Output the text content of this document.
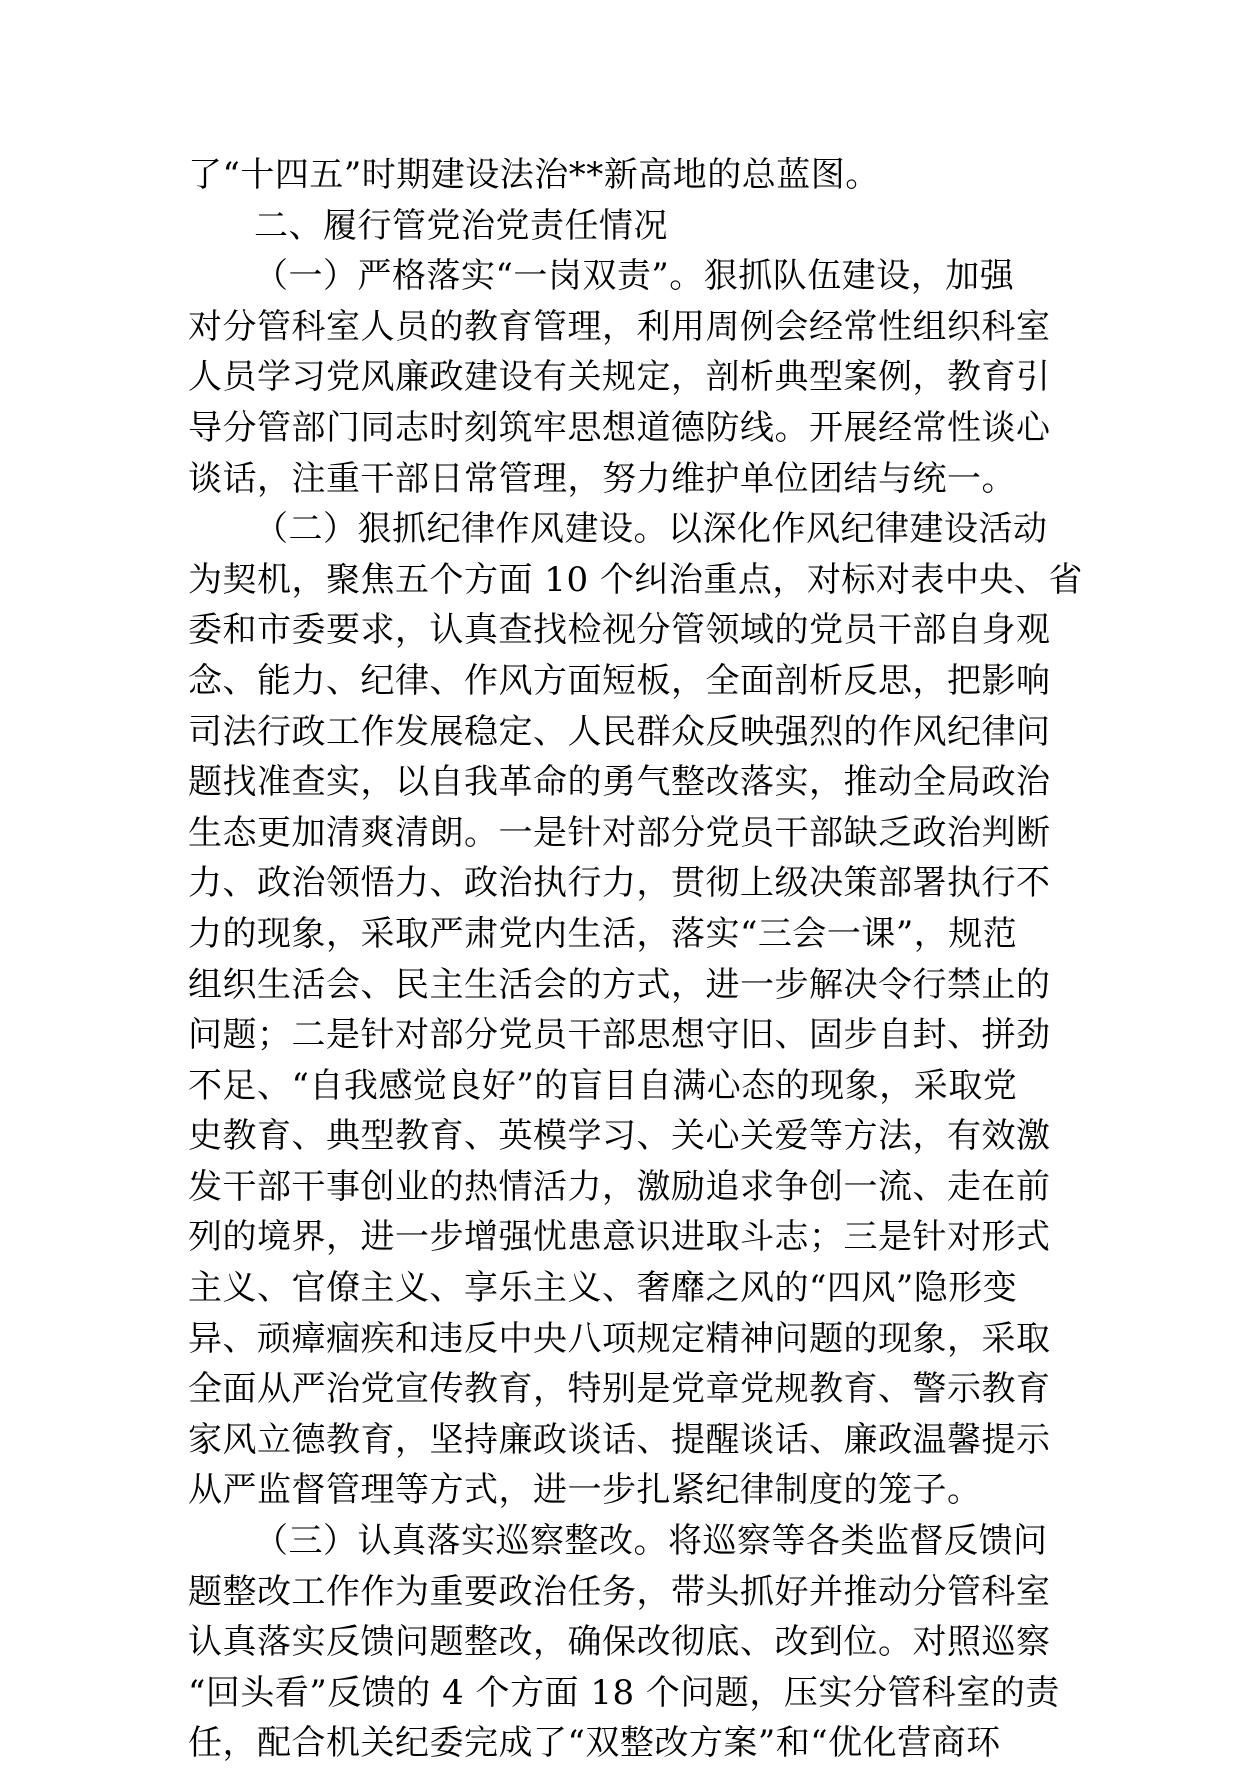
了“十四五”时期建设法治**新高地的总蓝图。
二、履行管党治党责任情况
（一）严格落实“一岗双责”。狠抓队伍建设，加强
对分管科室人员的教育管理，利用周例会经常性组织科室
人员学习党风廉政建设有关规定，剖析典型案例，教育引
导分管部门同志时刻筑牢思想道德防线。开展经常性谈心
谈话，注重干部日常管理，努力维护单位团结与统一。
（二）狠抓纪律作风建设。以深化作风纪律建设活动
为契机，聚焦五个方面 10 个纠治重点，对标对表中央、省
委和市委要求，认真查找检视分管领域的党员干部自身观
念、能力、纪律、作风方面短板，全面剖析反思，把影响
司法行政工作发展稳定、人民群众反映强烈的作风纪律问
题找准查实，以自我革命的勇气整改落实，推动全局政治
生态更加清爽清朗。一是针对部分党员干部缺乏政治判断
力、政治领悟力、政治执行力，贯彻上级决策部署执行不
力的现象，采取严肃党内生活，落实“三会一课”，规范
组织生活会、民主生活会的方式，进一步解决令行禁止的
问题；二是针对部分党员干部思想守旧、固步自封、拼劲
不足、“自我感觉良好”的盲目自满心态的现象，采取党
史教育、典型教育、英模学习、关心关爱等方法，有效激
发干部干事创业的热情活力，激励追求争创一流、走在前
列的境界，进一步增强忧患意识进取斗志；三是针对形式
主义、官僚主义、享乐主义、奢靡之风的“四风”隐形变
异、顽瘴痼疾和违反中央八项规定精神问题的现象，采取
全面从严治党宣传教育，特别是党章党规教育、警示教育
家风立德教育，坚持廉政谈话、提醒谈话、廉政温馨提示
从严监督管理等方式，进一步扎紧纪律制度的笼子。
（三）认真落实巡察整改。将巡察等各类监督反馈问
题整改工作作为重要政治任务，带头抓好并推动分管科室
认真落实反馈问题整改，确保改彻底、改到位。对照巡察
“回头看”反馈的 4 个方面 18 个问题，压实分管科室的责
任，配合机关纪委完成了“双整改方案”和“优化营商环
